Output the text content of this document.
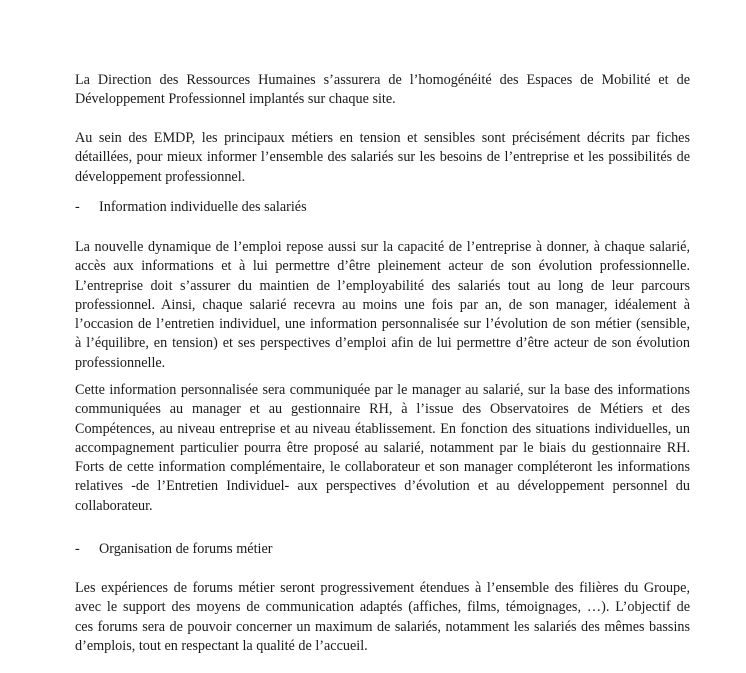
La Direction des Ressources Humaines s’assurera de l’homogénéité des Espaces de Mobilité et de
Développement Professionnel implantés sur chaque site.
Au sein des EMDP, les principaux métiers en tension et sensibles sont précisément décrits par fiches
détaillées, pour mieux informer l’ensemble des salariés sur les besoins de l’entreprise et les possibilités de
développement professionnel.
- Information individuelle des salariés
La nouvelle dynamique de l’emploi repose aussi sur la capacité de l’entreprise à donner, à chaque salarié,
accès aux informations et à lui permettre d’être pleinement acteur de son évolution professionnelle.
L’entreprise doit s’assurer du maintien de l’employabilité des salariés tout au long de leur parcours
professionnel. Ainsi, chaque salarié recevra au moins une fois par an, de son manager, idéalement à
l’occasion de l’entretien individuel, une information personnalisée sur l’évolution de son métier (sensible,
à l’équilibre, en tension) et ses perspectives d’emploi afin de lui permettre d’être acteur de son évolution
professionnelle.
Cette information personnalisée sera communiquée par le manager au salarié, sur la base des informations
communiquées au manager et au gestionnaire RH, à l’issue des Observatoires de Métiers et des
Compétences, au niveau entreprise et au niveau établissement. En fonction des situations individuelles, un
accompagnement particulier pourra être proposé au salarié, notamment par le biais du gestionnaire RH.
Forts de cette information complémentaire, le collaborateur et son manager compléteront les informations
relatives -de l’Entretien Individuel- aux perspectives d’évolution et au développement personnel du
collaborateur.
- Organisation de forums métier
Les expériences de forums métier seront progressivement étendues à l’ensemble des filières du Groupe,
avec le support des moyens de communication adaptés (affiches, films, témoignages, …). L’objectif de
ces forums sera de pouvoir concerner un maximum de salariés, notamment les salariés des mêmes bassins
d’emplois, tout en respectant la qualité de l’accueil.
